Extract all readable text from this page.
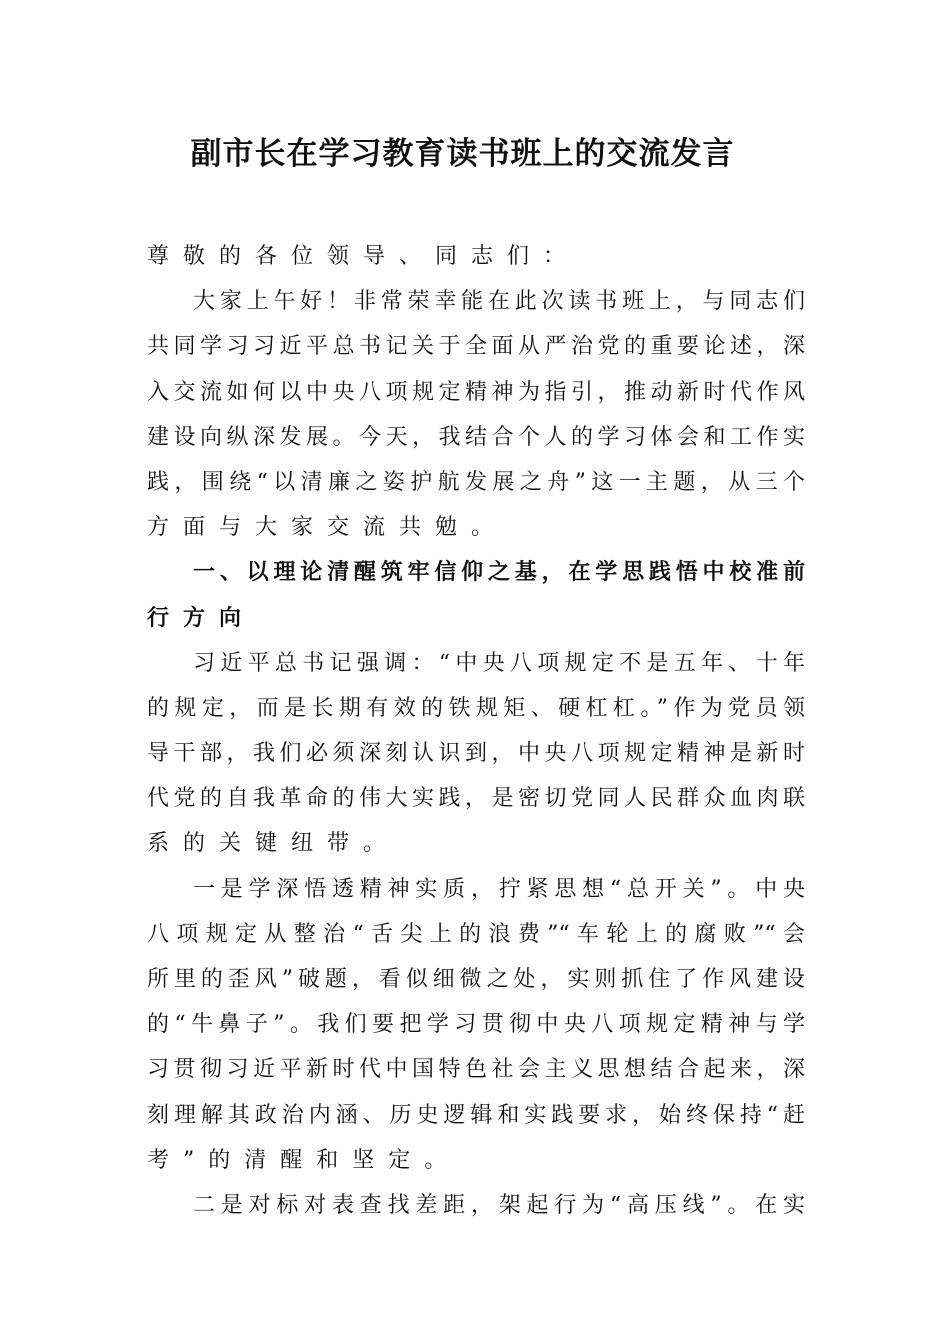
副市长在学习教育读书班上的交流发言
尊敬的各位领导、同志们：
大家上午好！非常荣幸能在此次读书班上，与同志们
共同学习习近平总书记关于全面从严治党的重要论述，深
入交流如何以中央八项规定精神为指引，推动新时代作风
建设向纵深发展。今天，我结合个人的学习体会和工作实
践，围绕“以清廉之姿护航发展之舟”这一主题，从三个
方面与大家交流共勉。
一、以理论清醒筑牢信仰之基，在学思践悟中校准前
行方向
习近平总书记强调：“中央八项规定不是五年、十年
的规定，而是长期有效的铁规矩、硬杠杠。”作为党员领
导干部，我们必须深刻认识到，中央八项规定精神是新时
代党的自我革命的伟大实践，是密切党同人民群众血肉联
系的关键纽带。
一是学深悟透精神实质，拧紧思想“总开关”。中央
八项规定从整治“舌尖上的浪费”“车轮上的腐败”“会
所里的歪风”破题，看似细微之处，实则抓住了作风建设
的“牛鼻子”。我们要把学习贯彻中央八项规定精神与学
习贯彻习近平新时代中国特色社会主义思想结合起来，深
刻理解其政治内涵、历史逻辑和实践要求，始终保持“赶
考”的清醒和坚定。
二是对标对表查找差距，架起行为“高压线”。在实
